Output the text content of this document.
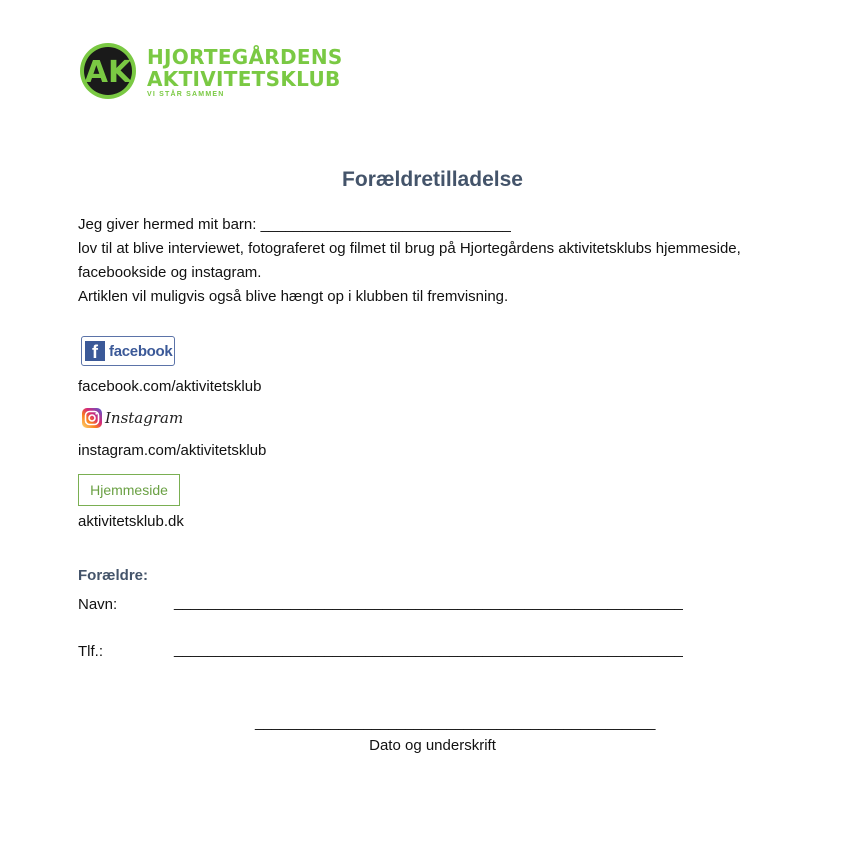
AK HJORTEGÅRDENS
AKTIVITETSKLUB
VI STÅR SAMMEN
Forældretilladelse
Jeg giver hermed mit barn: ______________________________
lov til at blive interviewet, fotograferet og filmet til brug på Hjortegårdens aktivitetsklubs hjemmeside,
facebookside og instagram.
Artiklen vil muligvis også blive hængt op i klubben til fremvisning.
f facebook
facebook.com/aktivitetsklub
Instagram
instagram.com/aktivitetsklub
Hjemmeside
aktivitetsklub.dk
Forældre:
Navn:	_____________________________________________________________
Tlf.:	_____________________________________________________________
________________________________________________
Dato og underskrift
